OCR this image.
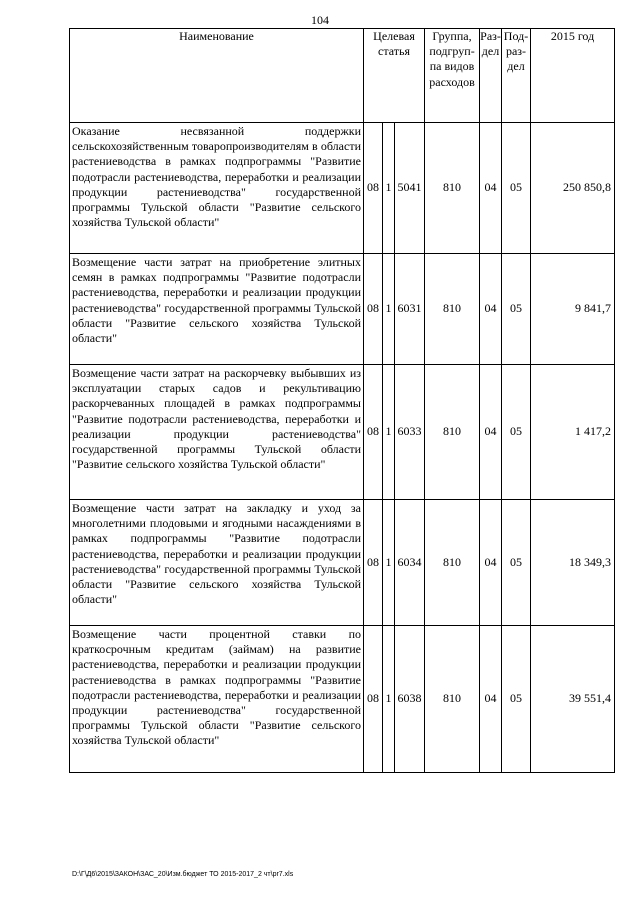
104
Наименование	Целевая статья			Группа, подгруп-па видов расходов	Раз-дел	Под-раз-дел	2015 год
Оказание несвязанной поддержки сельскохозяйственным товаропроизводителям в области растениеводства в рамках подпрограммы "Развитие подотрасли растениеводства, переработки и реализации продукции растениеводства" государственной программы Тульской области "Развитие сельского хозяйства Тульской области"	08	1	5041	810	04	05	250 850,8
Возмещение части затрат на приобретение элитных семян в рамках подпрограммы "Развитие подотрасли растениеводства, переработки и реализации продукции растениеводства" государственной программы Тульской области "Развитие сельского хозяйства Тульской области"	08	1	6031	810	04	05	9 841,7
Возмещение части затрат на раскорчевку выбывших из эксплуатации старых садов и рекультивацию раскорчеванных площадей в рамках подпрограммы "Развитие подотрасли растениеводства, переработки и реализации продукции растениеводства" государственной программы Тульской области "Развитие сельского хозяйства Тульской области"	08	1	6033	810	04	05	1 417,2
Возмещение части затрат на закладку и уход за многолетними плодовыми и ягодными насаждениями в рамках подпрограммы "Развитие подотрасли растениеводства, переработки и реализации продукции растениеводства" государственной программы Тульской области "Развитие сельского хозяйства Тульской области"	08	1	6034	810	04	05	18 349,3
Возмещение части процентной ставки по краткосрочным кредитам (займам) на развитие растениеводства, переработки и реализации продукции растениеводства в рамках подпрограммы "Развитие подотрасли растениеводства, переработки и реализации продукции растениеводства" государственной программы Тульской области "Развитие сельского хозяйства Тульской области"	08	1	6038	810	04	05	39 551,4
D:\Г\Д6\2015\ЗАКОН\ЗАС_20\Изм.бюджет ТО 2015-2017_2 чт\pr7.xls
